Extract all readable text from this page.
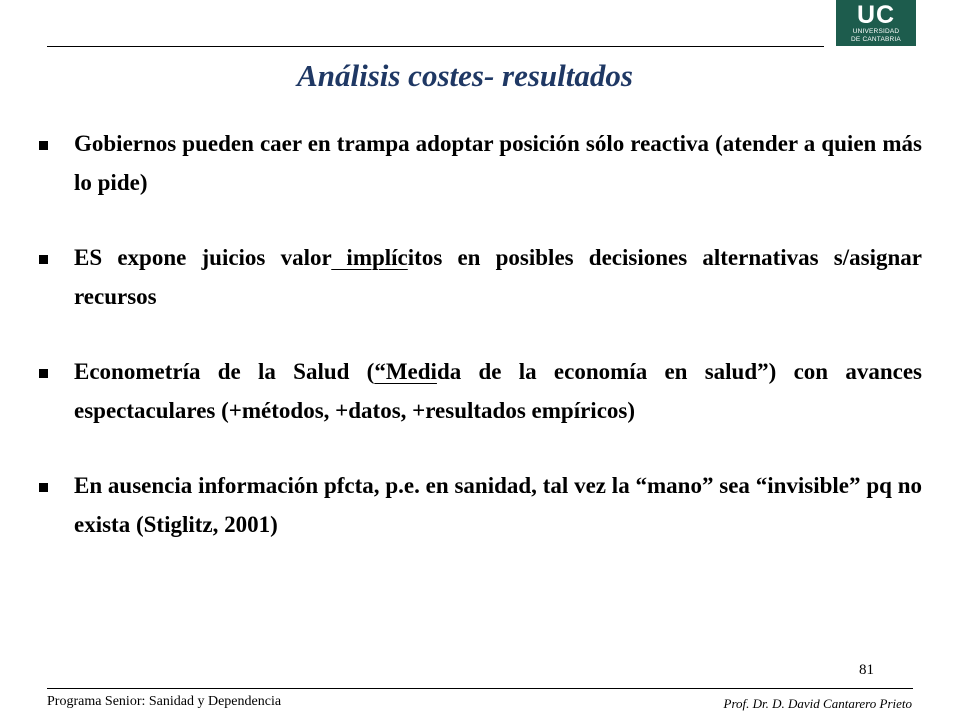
UC
UNIVERSIDAD
DE CANTABRIA
Análisis costes- resultados

Gobiernos pueden caer en trampa adoptar posición sólo reactiva (atender a quien más lo pide)

ES expone juicios valor implícitos en posibles decisiones alternativas s/asignar recursos

Econometría de la Salud (“Medida de la economía en salud”) con avances espectaculares (+métodos, +datos, +resultados empíricos)

En ausencia información pfcta, p.e. en sanidad, tal vez la “mano” sea “invisible” pq no exista (Stiglitz, 2001)

81
Programa Senior: Sanidad y Dependencia	Prof. Dr. D. David Cantarero Prieto
